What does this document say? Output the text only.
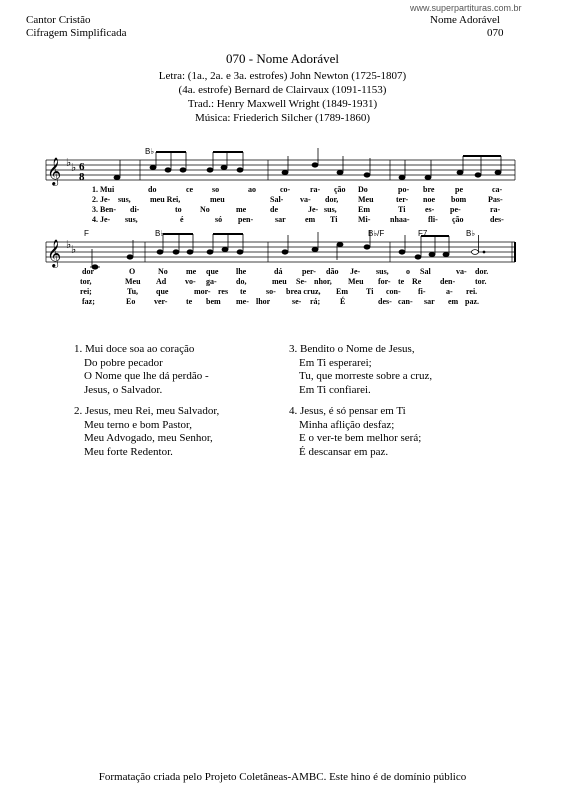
Cantor Cristão
Cifragem Simplificada
Nome Adorável
070
www.superpartituras.com.br
070 - Nome Adorável
Letra: (1a., 2a. e 3a. estrofes) John Newton (1725-1807)
(4a. estrofe) Bernard de Clairvaux (1091-1153)
Trad.: Henry Maxwell Wright (1849-1931)
Música: Friederich Silcher (1789-1860)
𝄞 ♭ ♭ 6
8
B♭
1. Mui	do	ce so	ao	co- ra- ção Do	po- bre	pe	ca-
2. Je- sus, meu Rei,	meu	Sal- va- dor, Meu	ter- noe bom	Pas-
3. Ben- di-	to No	me	de	Je- sus,	Em	Ti es- pe-	ra-
4. Je- sus,	é	só pen-	sar em Ti	Mi- nhaa- fli- ção	des-
𝄞 ♭ ♭
F	B♭	B♭/F	F7	B♭
dor	O	No me que lhe	dá per- dão Je- sus, o Sal	va- dor.
tor,	Meu Ad vo- ga- do,	meu Se- nhor, Meu for- te Re den- tor.
rei;	Tu, que	mor- res te so- brea cruz, Em Ti con- fi-	a- rei.
faz;	Eo ver- te bem me- lhor	se- rá; É	des- can- sar em paz.
1. Mui doce soa ao coração
Do pobre pecador
O Nome que lhe dá perdão -
Jesus, o Salvador.
2. Jesus, meu Rei, meu Salvador,
Meu terno e bom Pastor,
Meu Advogado, meu Senhor,
Meu forte Redentor.
3. Bendito o Nome de Jesus,
Em Ti esperarei;
Tu, que morreste sobre a cruz,
Em Ti confiarei.
4. Jesus, é só pensar em Ti
Minha aflição desfaz;
E o ver-te bem melhor será;
É descansar em paz.
Formatação criada pelo Projeto Coletâneas-AMBC. Este hino é de domínio público
